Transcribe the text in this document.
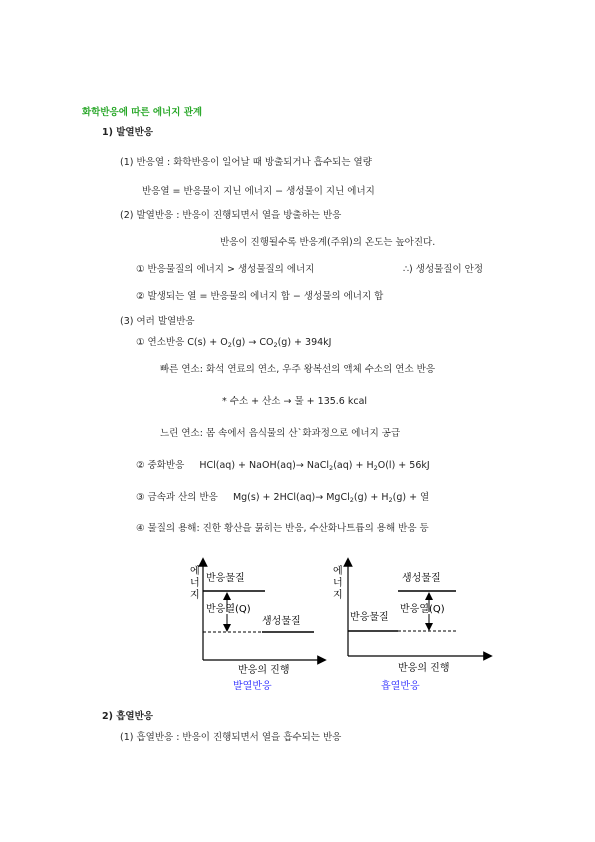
화학반응에 따른 에너지 관계
1) 발열반응
(1) 반응열 : 화학반응이 일어날 때 방출되거나 흡수되는 열량
반응열 = 반응물이 지닌 에너지 − 생성물이 지닌 에너지
(2) 발열반응 : 반응이 진행되면서 열을 방출하는 반응
반응이 진행될수록 반응계(주위)의 온도는 높아진다.
① 반응물질의 에너지 > 생성물질의 에너지	∴) 생성물질이 안정
② 발생되는 열 = 반응물의 에너지 합 − 생성물의 에너지 합
(3) 여러 발열반응
① 연소반응 $C(s) + O_2(g) \to CO_2(g) + 394kJ$
빠른 연소: 화석 연료의 연소, 우주 왕복선의 액체 수소의 연소 반응
* 수소 + 산소 → 물 + 135.6 kcal
느린 연소: 몸 속에서 음식물의 산`화과정으로 에너지 공급
② 중화반응 HCl(aq) + NaOH(aq)→ NaCl$_2$(aq) + $H_2O(l) + 56kJ$
③ 금속과 산의 반응 Mg(s) + 2HCl(aq)→ MgCl$_2$(g) + $H_2(g)$ + 열
④ 물질의 용해: 진한 황산을 묽히는 반응, 수산화나트륨의 용해 반응 등
에
너
지
반응물질
생성물질
반응열(Q)
반응의 진행
발열반응
에
너
지
생성물질
반응물질
반응열(Q)
반응의 진행
흡열반응
2) 흡열반응
(1) 흡열반응 : 반응이 진행되면서 열을 흡수되는 반응
